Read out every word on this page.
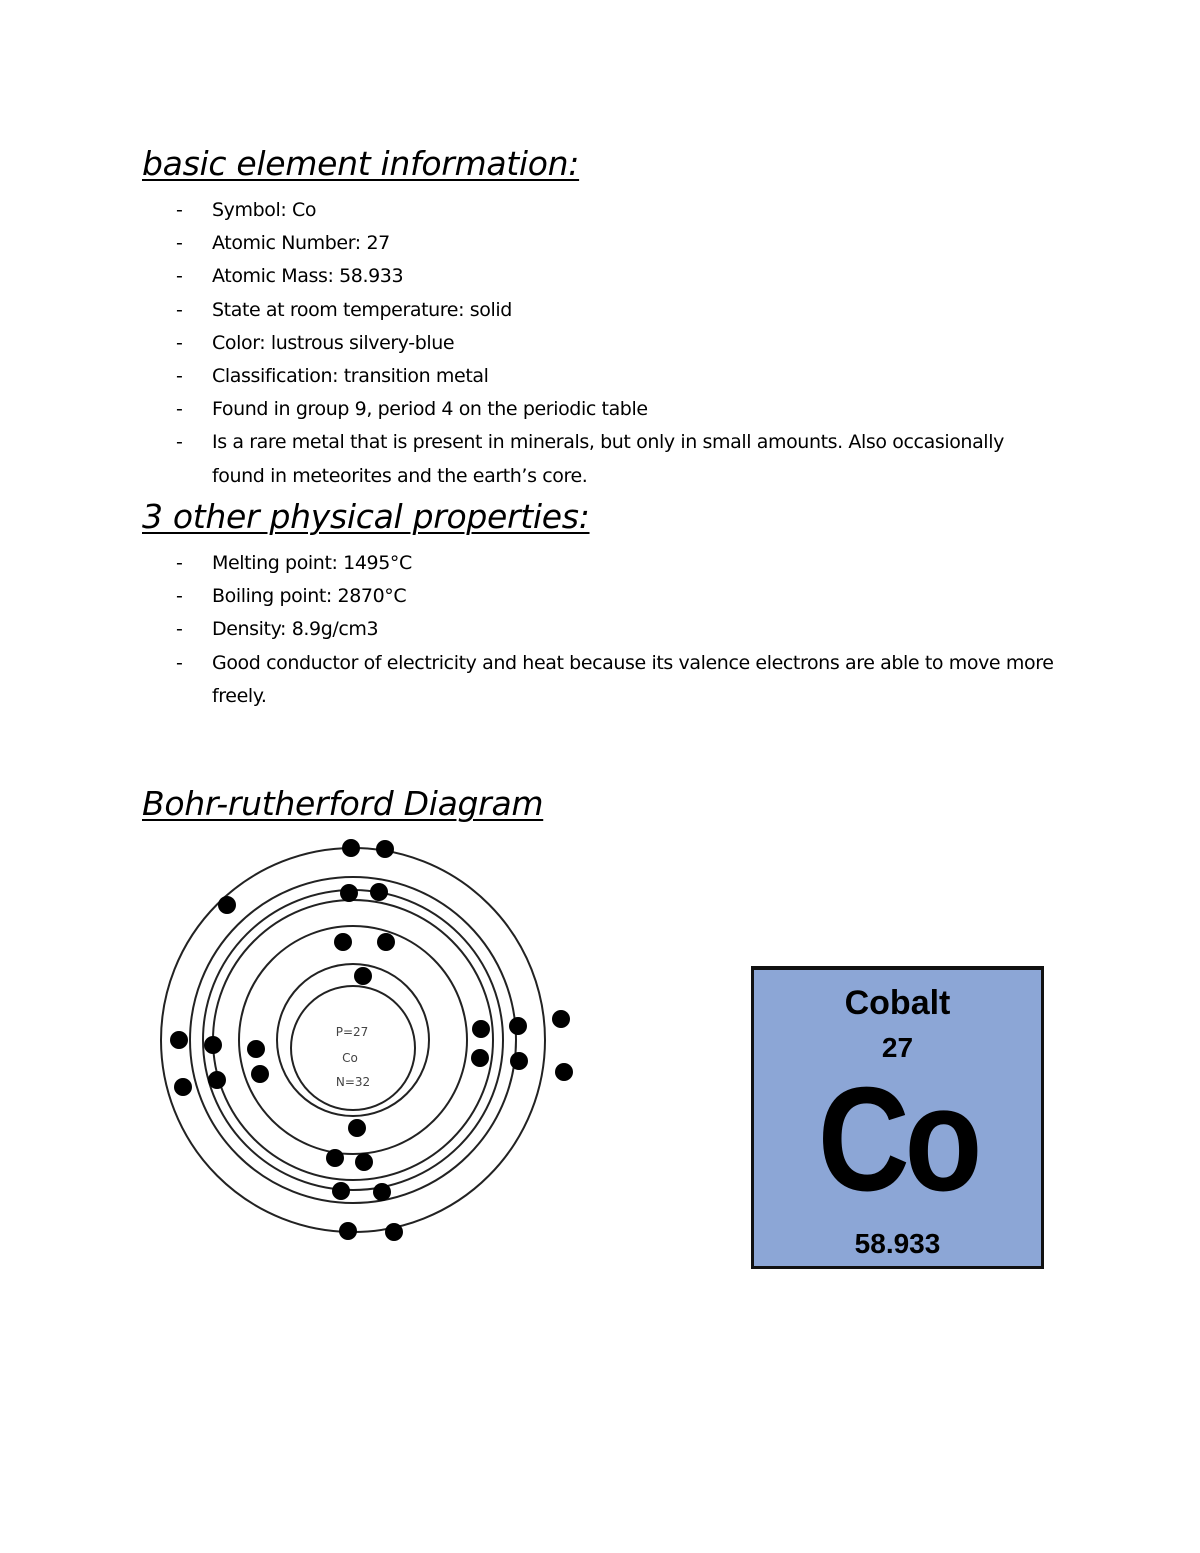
basic element information:
- Symbol: Co
- Atomic Number: 27
- Atomic Mass: 58.933
- State at room temperature: solid
- Color: lustrous silvery-blue
- Classification: transition metal
- Found in group 9, period 4 on the periodic table
- Is a rare metal that is present in minerals, but only in small amounts. Also occasionally found in meteorites and the earth’s core.
3 other physical properties:
- Melting point: 1495°C
- Boiling point: 2870°C
- Density: 8.9g/cm3
- Good conductor of electricity and heat because its valence electrons are able to move more freely.
Bohr-rutherford Diagram
P=27
Co
N=32
Cobalt
27
Co
58.933
